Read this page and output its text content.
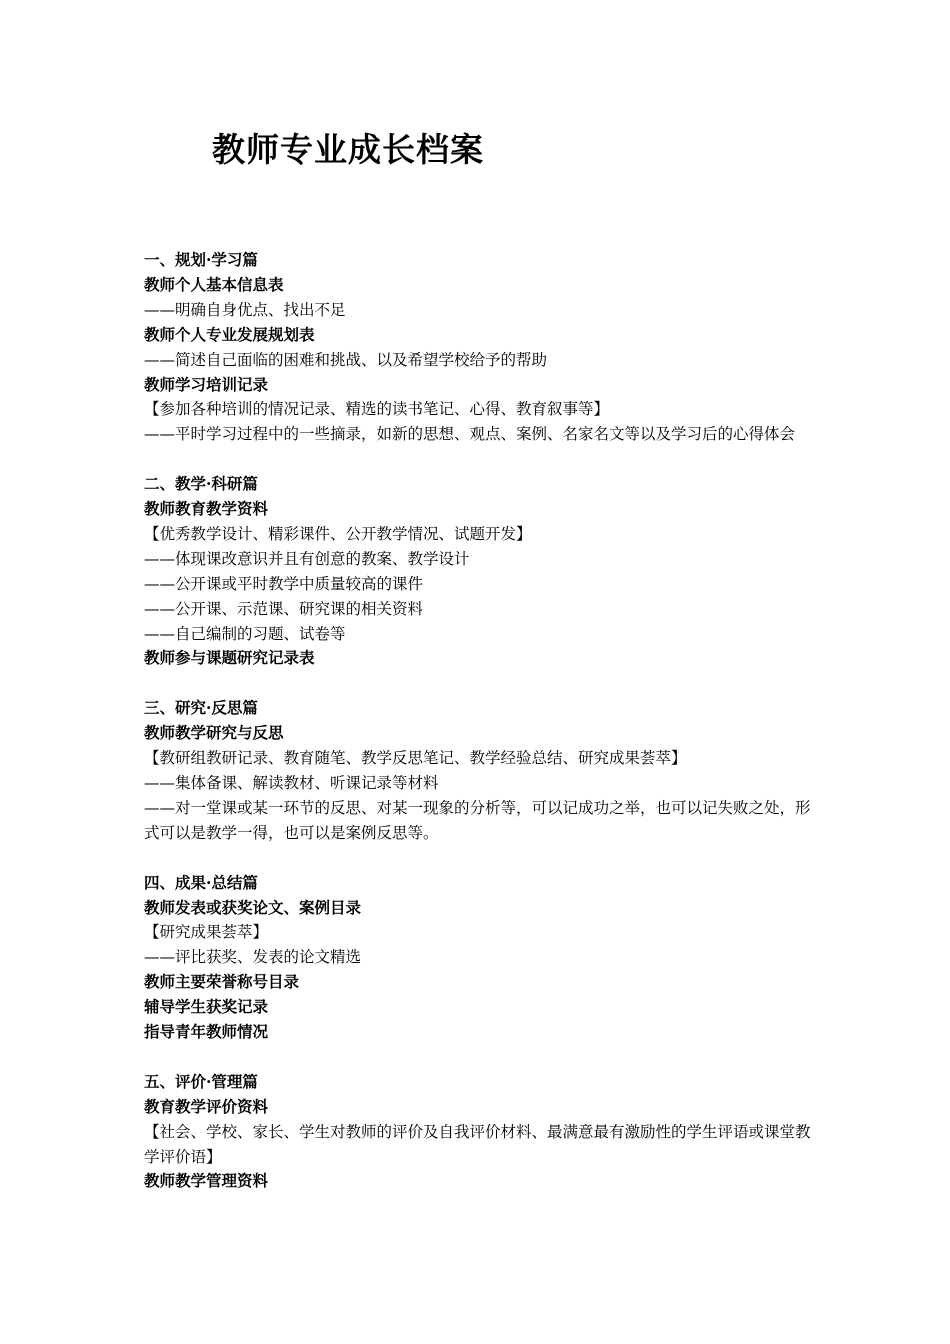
教师专业成长档案
一、规划·学习篇
教师个人基本信息表
——明确自身优点、找出不足
教师个人专业发展规划表
——简述自己面临的困难和挑战、以及希望学校给予的帮助
教师学习培训记录
【参加各种培训的情况记录、精选的读书笔记、心得、教育叙事等】
——平时学习过程中的一些摘录，如新的思想、观点、案例、名家名文等以及学习后的心得体会
二、教学·科研篇
教师教育教学资料
【优秀教学设计、精彩课件、公开教学情况、试题开发】
——体现课改意识并且有创意的教案、教学设计
——公开课或平时教学中质量较高的课件
——公开课、示范课、研究课的相关资料
——自己编制的习题、试卷等
教师参与课题研究记录表
三、研究·反思篇
教师教学研究与反思
【教研组教研记录、教育随笔、教学反思笔记、教学经验总结、研究成果荟萃】
——集体备课、解读教材、听课记录等材料
——对一堂课或某一环节的反思、对某一现象的分析等，可以记成功之举，也可以记失败之处，形式可以是教学一得，也可以是案例反思等。
四、成果·总结篇
教师发表或获奖论文、案例目录
【研究成果荟萃】
——评比获奖、发表的论文精选
教师主要荣誉称号目录
辅导学生获奖记录
指导青年教师情况
五、评价·管理篇
教育教学评价资料
【社会、学校、家长、学生对教师的评价及自我评价材料、最满意最有激励性的学生评语或课堂教学评价语】
教师教学管理资料
